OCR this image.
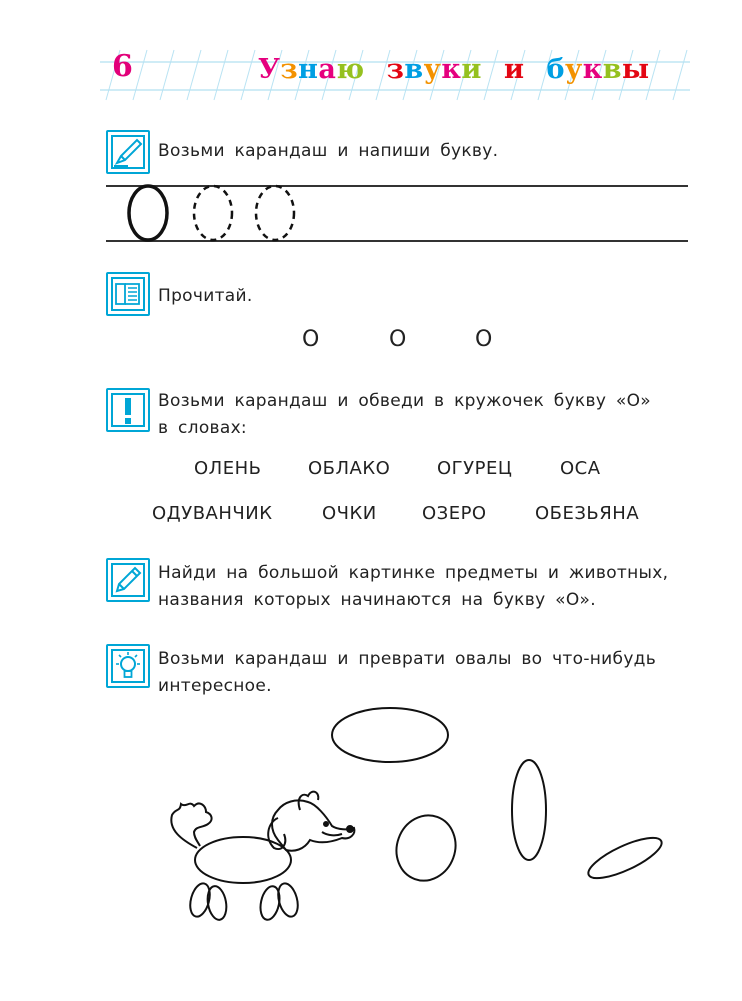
6	Узнаю звуки и буквы
Возьми карандаш и напиши букву.
Прочитай.
О	О	О
Возьми карандаш и обведи в кружочек букву «О»
в словах:
ОЛЕНЬ	ОБЛАКО	ОГУРЕЦ	ОСА
ОДУВАНЧИК	ОЧКИ	ОЗЕРО	ОБЕЗЬЯНА
Найди на большой картинке предметы и животных,
названия которых начинаются на букву «О».
Возьми карандаш и преврати овалы во что-нибудь
интересное.
